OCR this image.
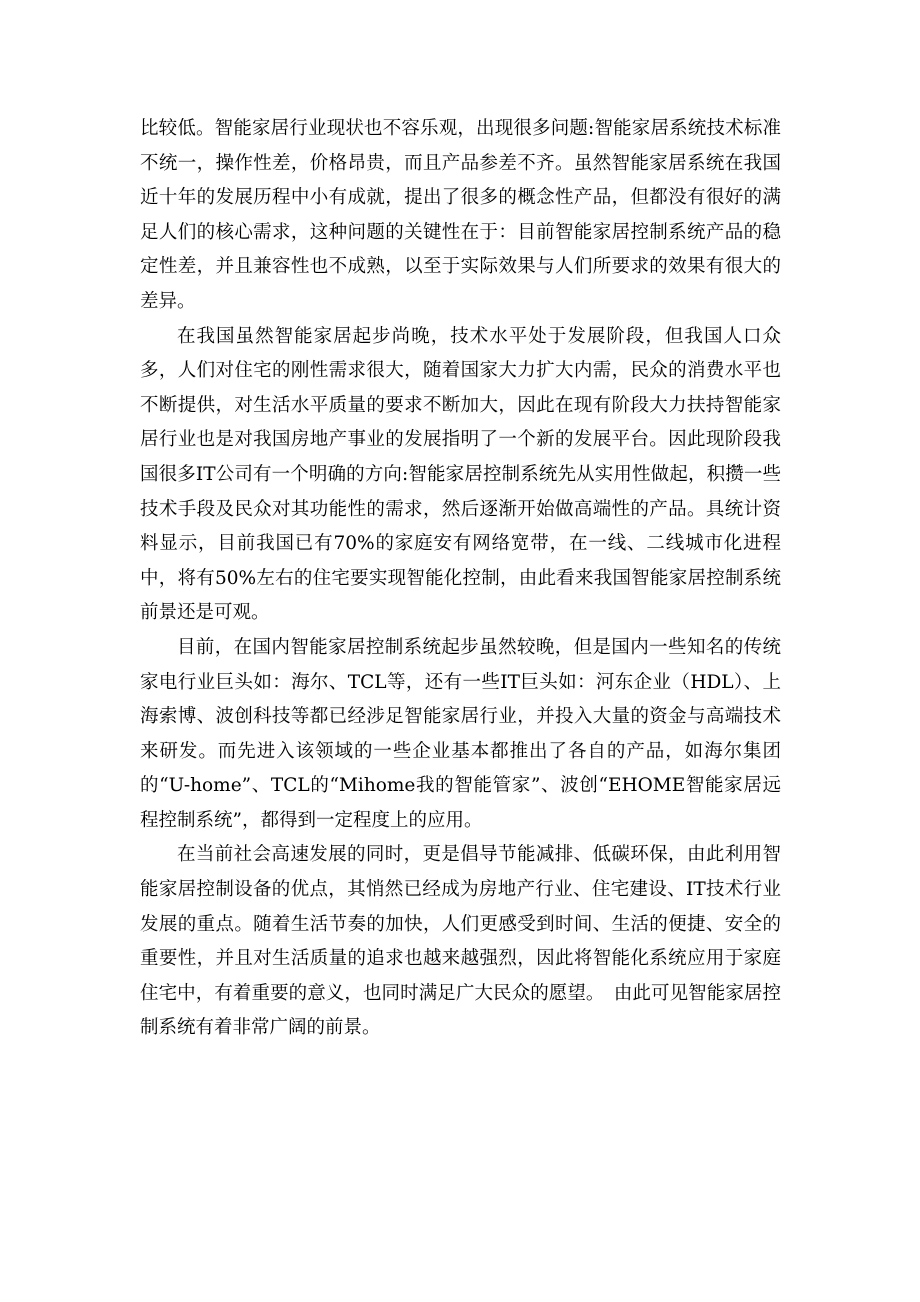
比较低。智能家居行业现状也不容乐观，出现很多问题:智能家居系统技术标准不统一，操作性差，价格昂贵，而且产品参差不齐。虽然智能家居系统在我国近十年的发展历程中小有成就，提出了很多的概念性产品，但都没有很好的满足人们的核心需求，这种问题的关键性在于：目前智能家居控制系统产品的稳定性差，并且兼容性也不成熟，以至于实际效果与人们所要求的效果有很大的差异。

在我国虽然智能家居起步尚晚，技术水平处于发展阶段，但我国人口众多，人们对住宅的刚性需求很大，随着国家大力扩大内需，民众的消费水平也不断提供，对生活水平质量的要求不断加大，因此在现有阶段大力扶持智能家居行业也是对我国房地产事业的发展指明了一个新的发展平台。因此现阶段我国很多IT公司有一个明确的方向:智能家居控制系统先从实用性做起，积攒一些技术手段及民众对其功能性的需求，然后逐渐开始做高端性的产品。具统计资料显示，目前我国已有70%的家庭安有网络宽带，在一线、二线城市化进程中，将有50%左右的住宅要实现智能化控制，由此看来我国智能家居控制系统前景还是可观。

目前，在国内智能家居控制系统起步虽然较晚，但是国内一些知名的传统家电行业巨头如：海尔、TCL等，还有一些IT巨头如：河东企业（HDL）、上海索博、波创科技等都已经涉足智能家居行业，并投入大量的资金与高端技术来研发。而先进入该领域的一些企业基本都推出了各自的产品，如海尔集团的“U-home”、TCL的“Mihome我的智能管家”、波创“EHOME智能家居远程控制系统”，都得到一定程度上的应用。

在当前社会高速发展的同时，更是倡导节能减排、低碳环保，由此利用智能家居控制设备的优点，其悄然已经成为房地产行业、住宅建设、IT技术行业发展的重点。随着生活节奏的加快，人们更感受到时间、生活的便捷、安全的重要性，并且对生活质量的追求也越来越强烈，因此将智能化系统应用于家庭住宅中，有着重要的意义，也同时满足广大民众的愿望。　由此可见智能家居控制系统有着非常广阔的前景。
